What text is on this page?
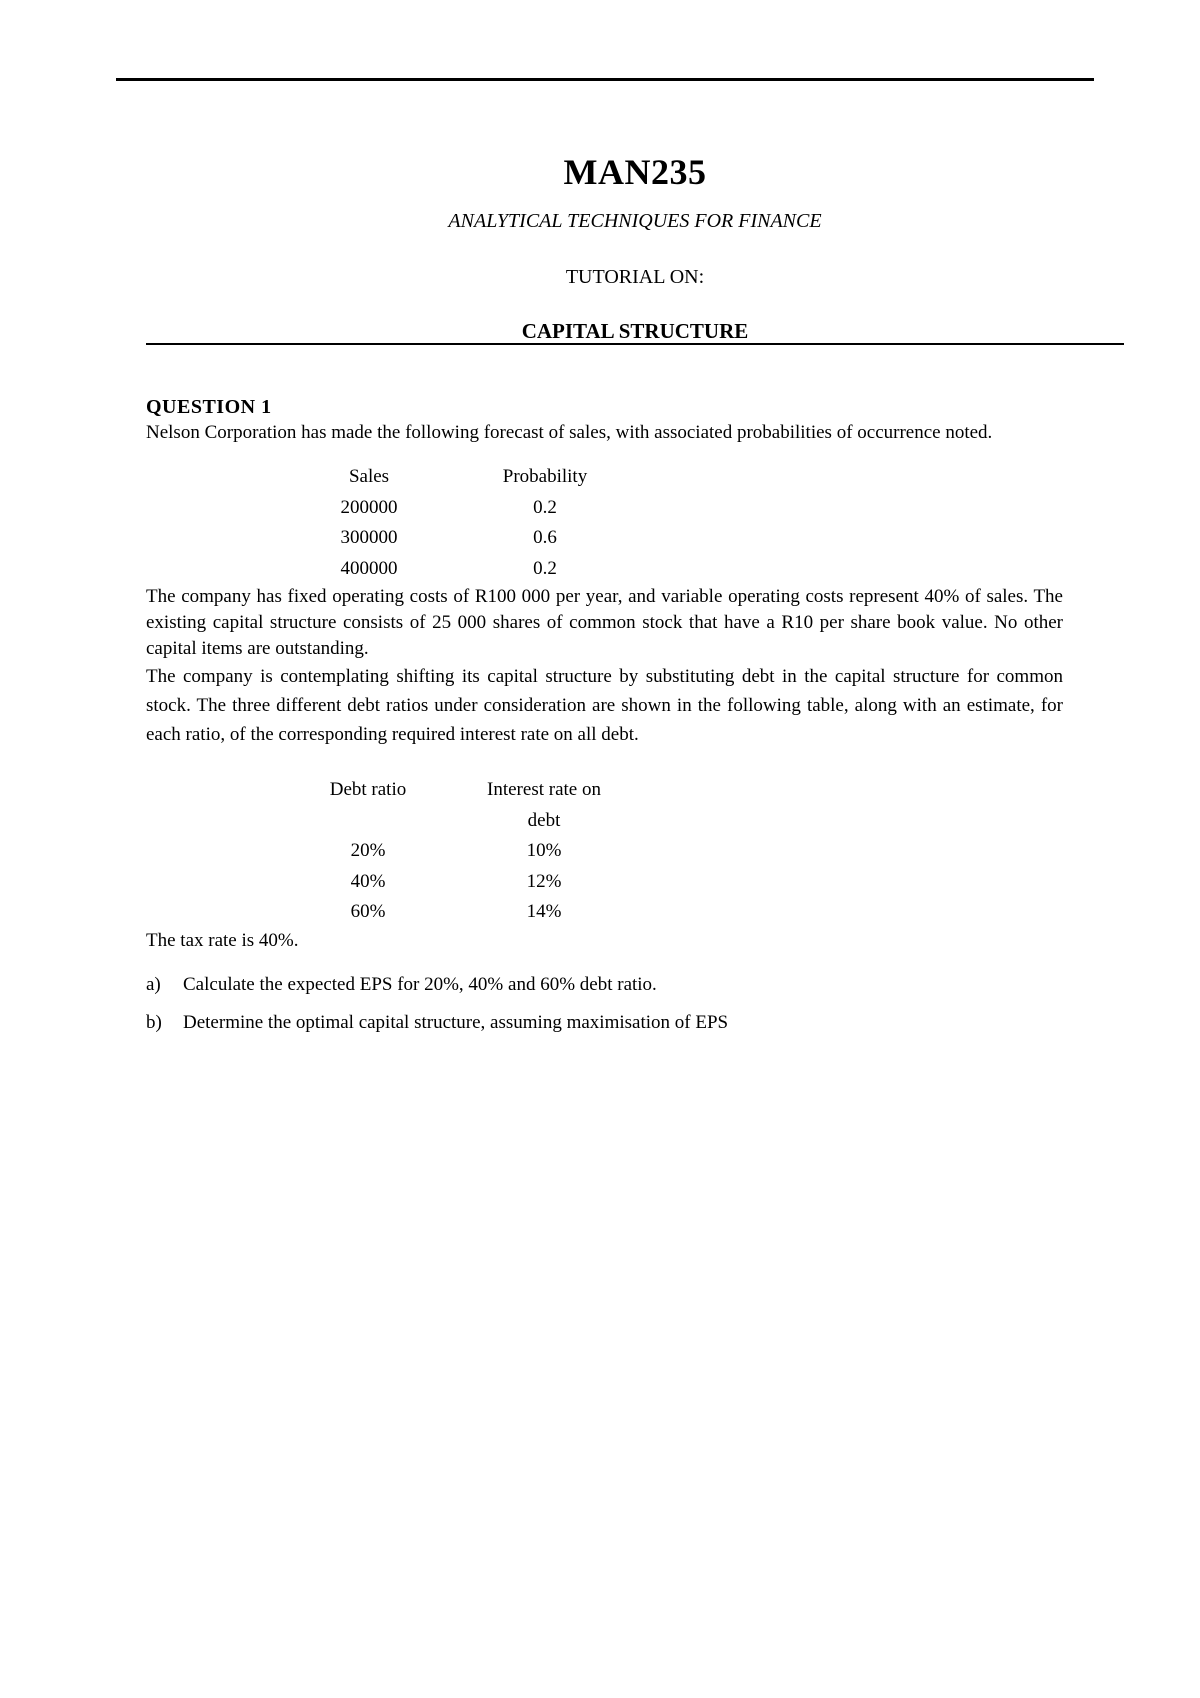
MAN235
ANALYTICAL TECHNIQUES FOR FINANCE
TUTORIAL ON:
CAPITAL STRUCTURE
QUESTION 1

Nelson Corporation has made the following forecast of sales, with associated probabilities of occurrence noted.

Sales		Probability
200000		0.2
300000		0.6
400000		0.2

The company has fixed operating costs of R100 000 per year, and variable operating costs represent 40% of sales. The existing capital structure consists of 25 000 shares of common stock that have a R10 per share book value. No other capital items are outstanding.

The company is contemplating shifting its capital structure by substituting debt in the capital structure for common stock. The three different debt ratios under consideration are shown in the following table, along with an estimate, for each ratio, of the corresponding required interest rate on all debt.

Debt ratio		Interest rate on
		debt
20%		10%
40%		12%
60%		14%

The tax rate is 40%.

a)	Calculate the expected EPS for 20%, 40% and 60% debt ratio.
b)	Determine the optimal capital structure, assuming maximisation of EPS
